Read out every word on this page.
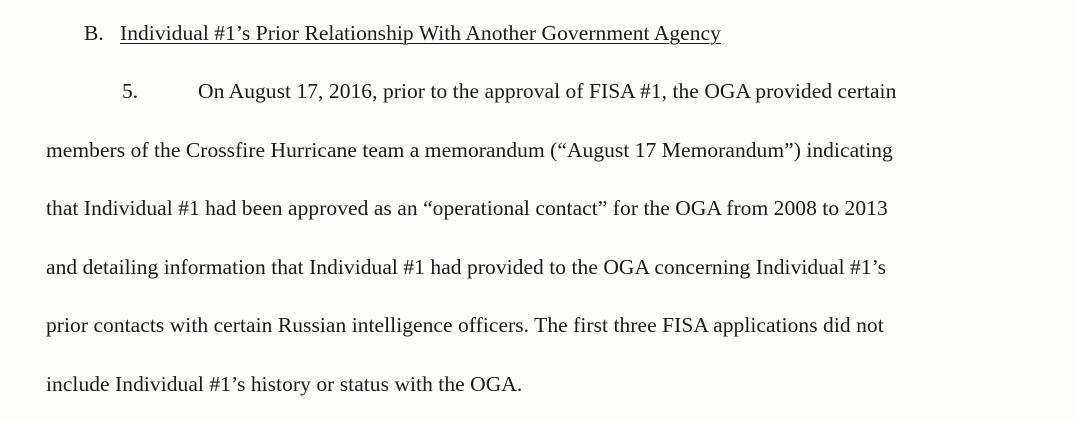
B. Individual #1’s Prior Relationship With Another Government Agency
5.	On August 17, 2016, prior to the approval of FISA #1, the OGA provided certain
members of the Crossfire Hurricane team a memorandum (“August 17 Memorandum”) indicating
that Individual #1 had been approved as an “operational contact” for the OGA from 2008 to 2013
and detailing information that Individual #1 had provided to the OGA concerning Individual #1’s
prior contacts with certain Russian intelligence officers. The first three FISA applications did not
include Individual #1’s history or status with the OGA.
